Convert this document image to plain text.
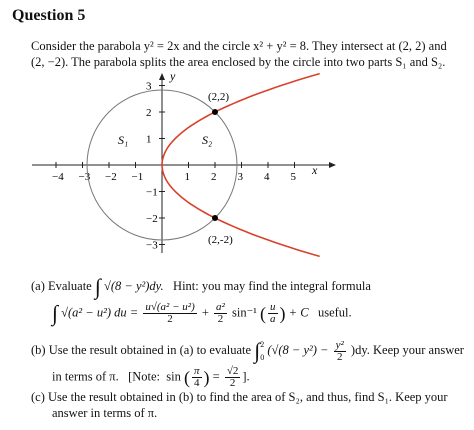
Question 5
Consider the parabola y² = 2x and the circle x² + y² = 8. They intersect at (2, 2) and
(2, −2). The parabola splits the area enclosed by the circle into two parts S₁ and S₂.
−4 −3 −2 −1	1 2 3 4 5
3
2
1
−1
−2
−3
(2,2)
(2,-2)
S₁	S₂
x
y
(a) Evaluate ∫ √(8 − y²)dy. Hint: you may find the integral formula
∫ √(a² − u²) du = $\frac{\text{u√(a² − u²)}}{2} + \frac{\text{a²}}{2} \sin^{-1}$ ( $\frac{u}{a}$ ) + C useful.
(b) Use the result obtained in (a) to evaluate ∫ 2
0
$(√(8 - y^2) - \frac{\text{y²}}{2} )dy$. Keep your answer
in terms of π. [Note: sin ( $\frac{\pi}{4}$ ) = $\frac{√2}{2}$ ].
(c) Use the result obtained in (b) to find the area of S₂, and thus, find S₁. Keep your
answer in terms of π.
